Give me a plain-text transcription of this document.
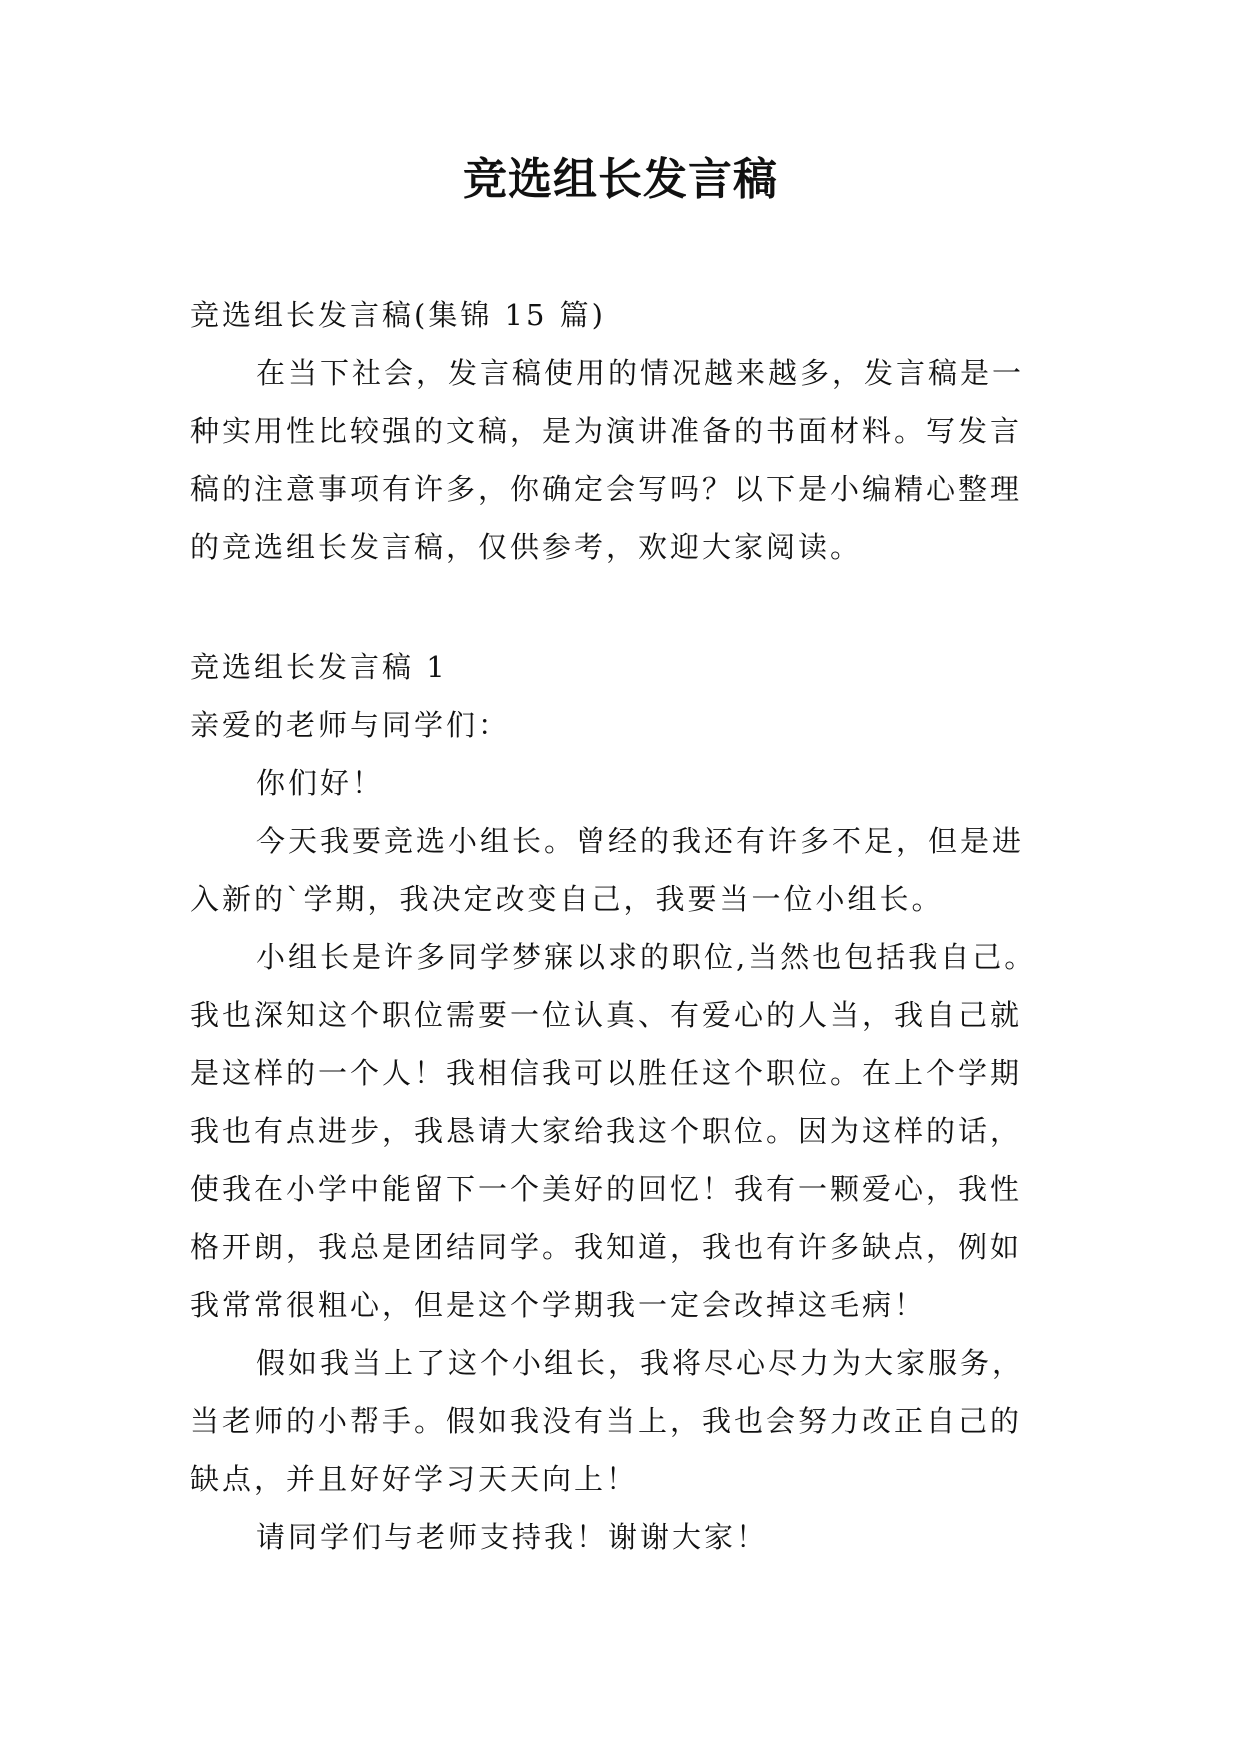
竞选组长发言稿
竞选组长发言稿(集锦 15 篇)
在当下社会，发言稿使用的情况越来越多，发言稿是一
种实用性比较强的文稿，是为演讲准备的书面材料。写发言
稿的注意事项有许多，你确定会写吗？以下是小编精心整理
的竞选组长发言稿，仅供参考，欢迎大家阅读。
竞选组长发言稿 1
亲爱的老师与同学们：
你们好！
今天我要竞选小组长。曾经的我还有许多不足，但是进
入新的`学期，我决定改变自己，我要当一位小组长。
小组长是许多同学梦寐以求的职位,当然也包括我自己。
我也深知这个职位需要一位认真、有爱心的人当，我自己就
是这样的一个人！我相信我可以胜任这个职位。在上个学期
我也有点进步，我恳请大家给我这个职位。因为这样的话，
使我在小学中能留下一个美好的回忆！我有一颗爱心，我性
格开朗，我总是团结同学。我知道，我也有许多缺点，例如
我常常很粗心，但是这个学期我一定会改掉这毛病！
假如我当上了这个小组长，我将尽心尽力为大家服务，
当老师的小帮手。假如我没有当上，我也会努力改正自己的
缺点，并且好好学习天天向上！
请同学们与老师支持我！谢谢大家！
